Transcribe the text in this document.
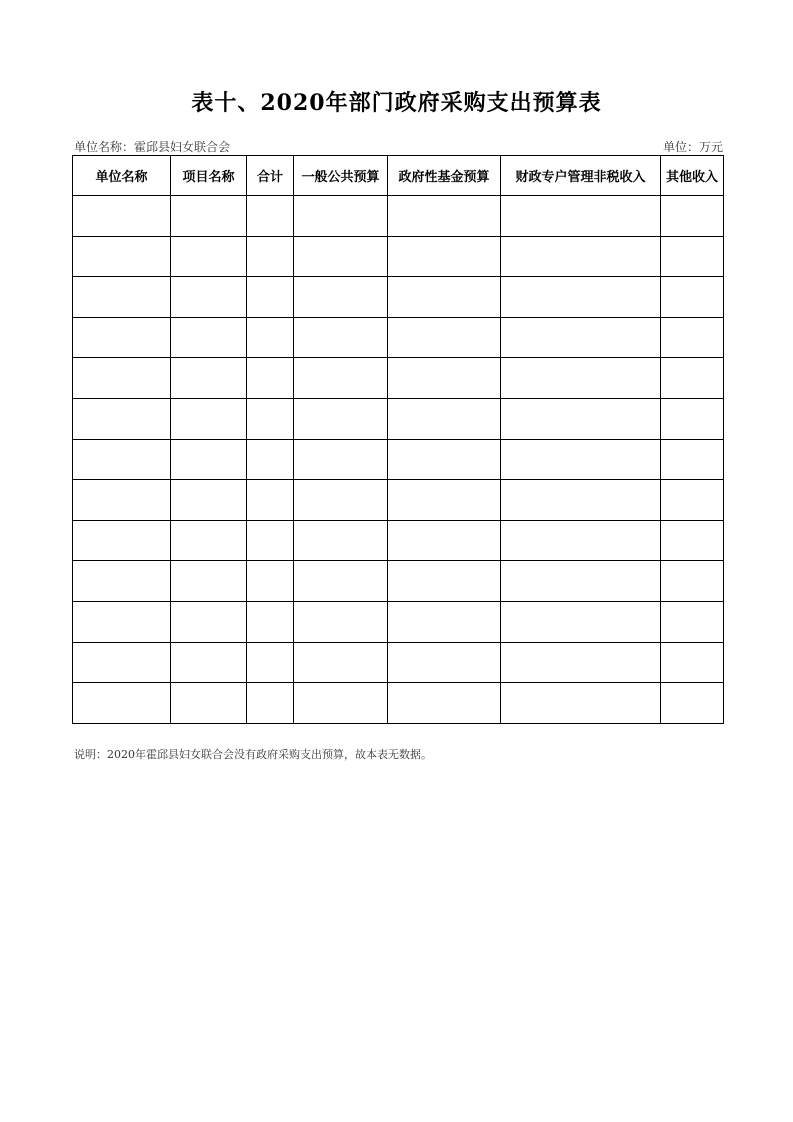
表十、2020年部门政府采购支出预算表
单位名称：霍邱县妇女联合会	单位：万元
单位名称	项目名称	合计	一般公共预算	政府性基金预算	财政专户管理非税收入	其他收入

说明：2020年霍邱县妇女联合会没有政府采购支出预算，故本表无数据。
